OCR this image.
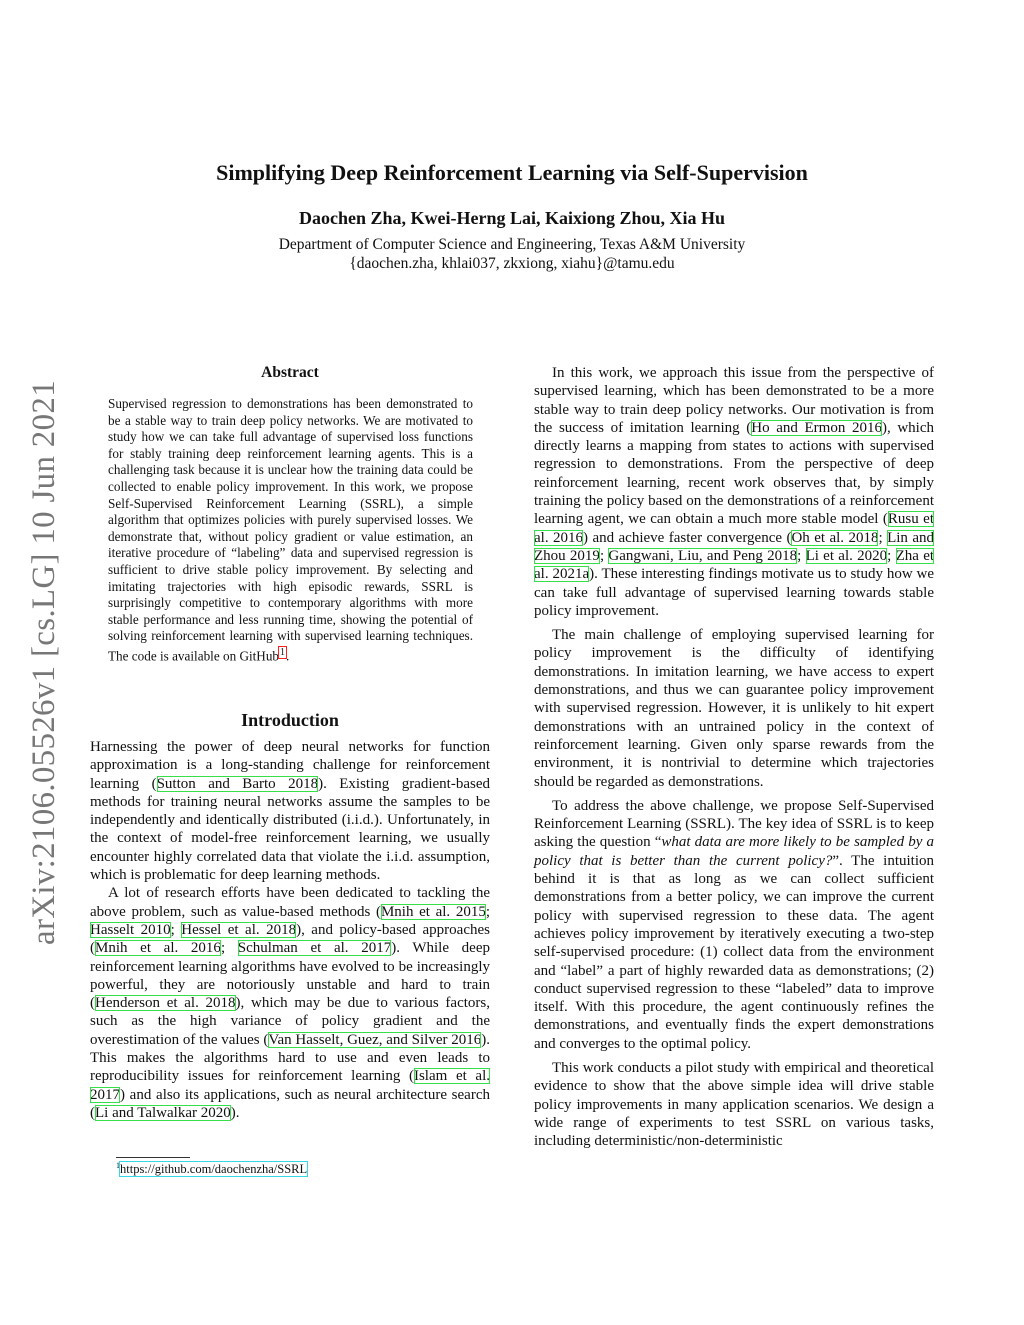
arXiv:2106.05526v1 [cs.LG] 10 Jun 2021
Simplifying Deep Reinforcement Learning via Self-Supervision
Daochen Zha, Kwei-Herng Lai, Kaixiong Zhou, Xia Hu
Department of Computer Science and Engineering, Texas A&M University
{daochen.zha, khlai037, zkxiong, xiahu}@tamu.edu
Abstract
Supervised regression to demonstrations has been demonstrated to be a stable way to train deep policy networks. We are motivated to study how we can take full advantage of supervised loss functions for stably training deep reinforcement learning agents. This is a challenging task because it is unclear how the training data could be collected to enable policy improvement. In this work, we propose Self-Supervised Reinforcement Learning (SSRL), a simple algorithm that optimizes policies with purely supervised losses. We demonstrate that, without policy gradient or value estimation, an iterative procedure of “labeling” data and supervised regression is sufficient to drive stable policy improvement. By selecting and imitating trajectories with high episodic rewards, SSRL is surprisingly competitive to contemporary algorithms with more stable performance and less running time, showing the potential of solving reinforcement learning with supervised learning techniques. The code is available on GitHub$^1$.
Introduction

Harnessing the power of deep neural networks for function approximation is a long-standing challenge for reinforcement learning (Sutton and Barto 2018). Existing gradient-based methods for training neural networks assume the samples to be independently and identically distributed (i.i.d.). Unfortunately, in the context of model-free reinforcement learning, we usually encounter highly correlated data that violate the i.i.d. assumption, which is problematic for deep learning methods.

A lot of research efforts have been dedicated to tackling the above problem, such as value-based methods (Mnih et al. 2015; Hasselt 2010; Hessel et al. 2018), and policy-based approaches (Mnih et al. 2016; Schulman et al. 2017). While deep reinforcement learning algorithms have evolved to be increasingly powerful, they are notoriously unstable and hard to train (Henderson et al. 2018), which may be due to various factors, such as the high variance of policy gradient and the overestimation of the values (Van Hasselt, Guez, and Silver 2016). This makes the algorithms hard to use and even leads to reproducibility issues for reinforcement learning (Islam et al. 2017) and also its applications, such as neural architecture search (Li and Talwalkar 2020).

In this work, we approach this issue from the perspective of supervised learning, which has been demonstrated to be a more stable way to train deep policy networks. Our motivation is from the success of imitation learning (Ho and Ermon 2016), which directly learns a mapping from states to actions with supervised regression to demonstrations. From the perspective of deep reinforcement learning, recent work observes that, by simply training the policy based on the demonstrations of a reinforcement learning agent, we can obtain a much more stable model (Rusu et al. 2016) and achieve faster convergence (Oh et al. 2018; Lin and Zhou 2019; Gangwani, Liu, and Peng 2018; Li et al. 2020; Zha et al. 2021a). These interesting findings motivate us to study how we can take full advantage of supervised learning towards stable policy improvement.

The main challenge of employing supervised learning for policy improvement is the difficulty of identifying demonstrations. In imitation learning, we have access to expert demonstrations, and thus we can guarantee policy improvement with supervised regression. However, it is unlikely to hit expert demonstrations with an untrained policy in the context of reinforcement learning. Given only sparse rewards from the environment, it is nontrivial to determine which trajectories should be regarded as demonstrations.

To address the above challenge, we propose Self-Supervised Reinforcement Learning (SSRL). The key idea of SSRL is to keep asking the question “what data are more likely to be sampled by a policy that is better than the current policy?”. The intuition behind it is that as long as we can collect sufficient demonstrations from a better policy, we can improve the current policy with supervised regression to these data. The agent achieves policy improvement by iteratively executing a two-step self-supervised procedure: (1) collect data from the environment and “label” a part of highly rewarded data as demonstrations; (2) conduct supervised regression to these “labeled” data to improve itself. With this procedure, the agent continuously refines the demonstrations, and eventually finds the expert demonstrations and converges to the optimal policy.

This work conducts a pilot study with empirical and theoretical evidence to show that the above simple idea will drive stable policy improvements in many application scenarios. We design a wide range of experiments to test SSRL on various tasks, including deterministic/non-deterministic

$^1$https://github.com/daochenzha/SSRL
